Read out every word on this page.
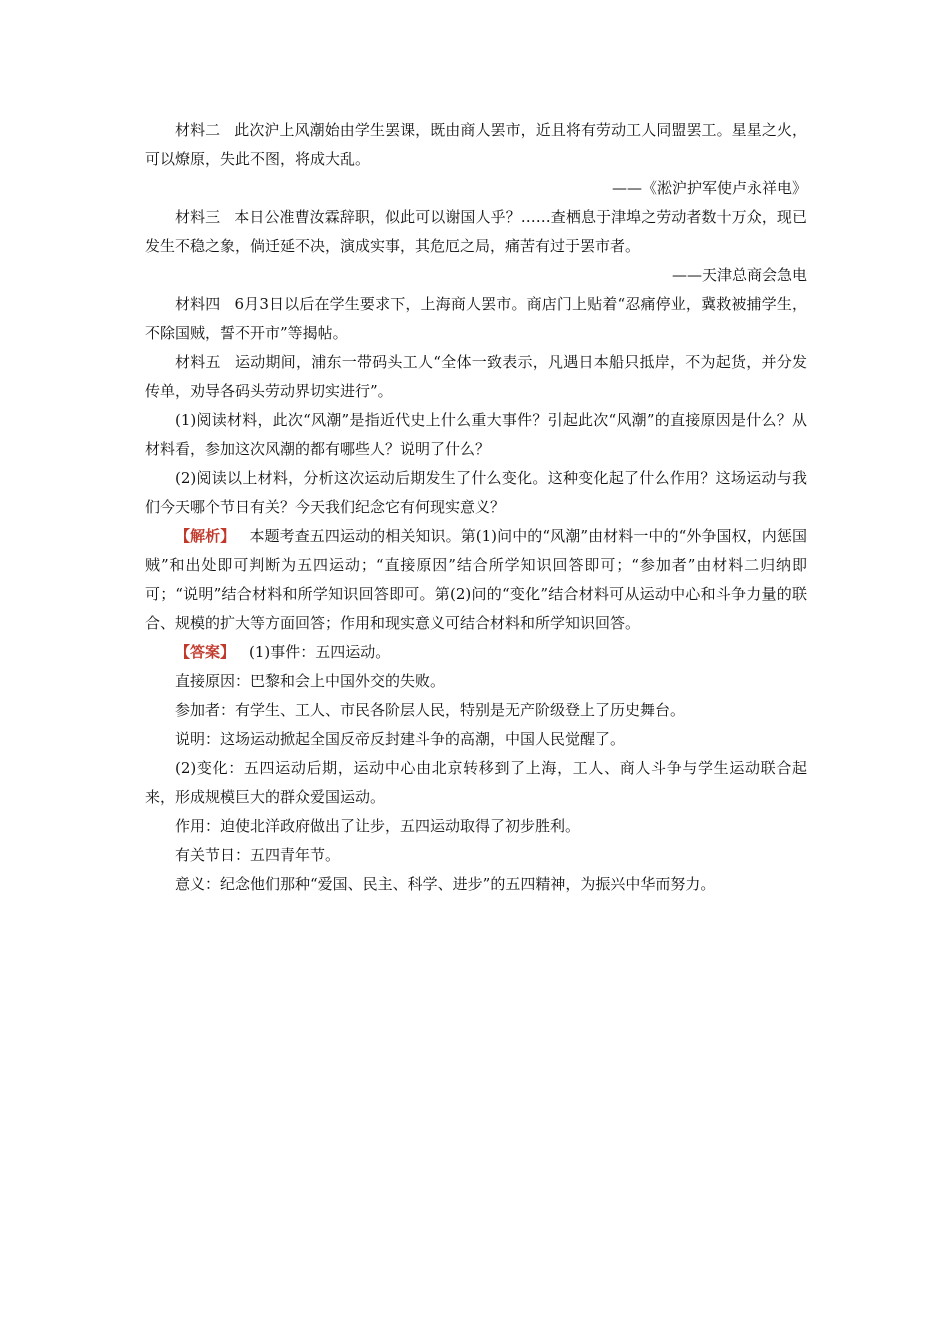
材料二 此次沪上风潮始由学生罢课，既由商人罢市，近且将有劳动工人同盟罢工。星星之火，可以燎原，失此不图，将成大乱。

——《淞沪护军使卢永祥电》

材料三 本日公准曹汝霖辞职，似此可以谢国人乎？……查栖息于津埠之劳动者数十万众，现已发生不稳之象，倘迁延不决，演成实事，其危厄之局，痛苦有过于罢市者。

——天津总商会急电

材料四 6月3日以后在学生要求下，上海商人罢市。商店门上贴着“忍痛停业，冀救被捕学生，不除国贼，誓不开市”等揭帖。

材料五 运动期间，浦东一带码头工人“全体一致表示，凡遇日本船只抵岸，不为起货，并分发传单，劝导各码头劳动界切实进行”。

(1)阅读材料，此次“风潮”是指近代史上什么重大事件？引起此次“风潮”的直接原因是什么？从材料看，参加这次风潮的都有哪些人？说明了什么？

(2)阅读以上材料，分析这次运动后期发生了什么变化。这种变化起了什么作用？这场运动与我们今天哪个节日有关？今天我们纪念它有何现实意义？

【解析】 本题考查五四运动的相关知识。第(1)问中的“风潮”由材料一中的“外争国权，内惩国贼”和出处即可判断为五四运动；“直接原因”结合所学知识回答即可；“参加者”由材料二归纳即可；“说明”结合材料和所学知识回答即可。第(2)问的“变化”结合材料可从运动中心和斗争力量的联合、规模的扩大等方面回答；作用和现实意义可结合材料和所学知识回答。

【答案】 (1)事件：五四运动。

直接原因：巴黎和会上中国外交的失败。

参加者：有学生、工人、市民各阶层人民，特别是无产阶级登上了历史舞台。

说明：这场运动掀起全国反帝反封建斗争的高潮，中国人民觉醒了。

(2)变化：五四运动后期，运动中心由北京转移到了上海，工人、商人斗争与学生运动联合起来，形成规模巨大的群众爱国运动。

作用：迫使北洋政府做出了让步，五四运动取得了初步胜利。

有关节日：五四青年节。

意义：纪念他们那种“爱国、民主、科学、进步”的五四精神，为振兴中华而努力。
